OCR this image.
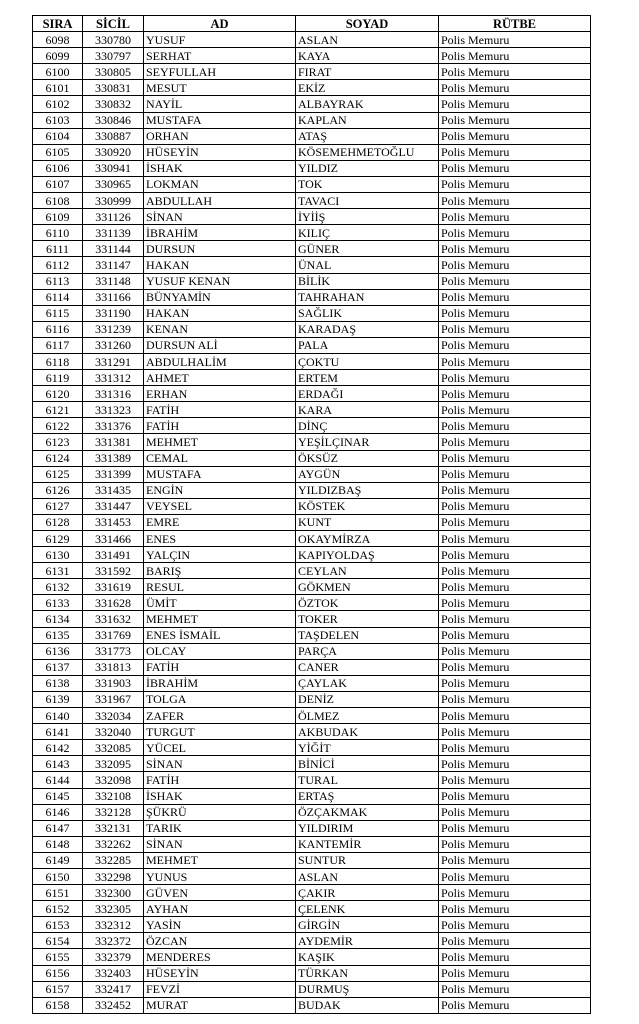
SIRA	SİCİL	AD	SOYAD	RÜTBE
6098	330780	YUSUF	ASLAN	Polis Memuru
6099	330797	SERHAT	KAYA	Polis Memuru
6100	330805	SEYFULLAH	FIRAT	Polis Memuru
6101	330831	MESUT	EKİZ	Polis Memuru
6102	330832	NAYİL	ALBAYRAK	Polis Memuru
6103	330846	MUSTAFA	KAPLAN	Polis Memuru
6104	330887	ORHAN	ATAŞ	Polis Memuru
6105	330920	HÜSEYİN	KÖSEMEHMETOĞLU	Polis Memuru
6106	330941	İSHAK	YILDIZ	Polis Memuru
6107	330965	LOKMAN	TOK	Polis Memuru
6108	330999	ABDULLAH	TAVACI	Polis Memuru
6109	331126	SİNAN	İYİİŞ	Polis Memuru
6110	331139	İBRAHİM	KILIÇ	Polis Memuru
6111	331144	DURSUN	GÜNER	Polis Memuru
6112	331147	HAKAN	ÜNAL	Polis Memuru
6113	331148	YUSUF KENAN	BİLİK	Polis Memuru
6114	331166	BÜNYAMİN	TAHRAHAN	Polis Memuru
6115	331190	HAKAN	SAĞLIK	Polis Memuru
6116	331239	KENAN	KARADAŞ	Polis Memuru
6117	331260	DURSUN ALİ	PALA	Polis Memuru
6118	331291	ABDULHALİM	ÇOKTU	Polis Memuru
6119	331312	AHMET	ERTEM	Polis Memuru
6120	331316	ERHAN	ERDAĞI	Polis Memuru
6121	331323	FATİH	KARA	Polis Memuru
6122	331376	FATİH	DİNÇ	Polis Memuru
6123	331381	MEHMET	YEŞİLÇINAR	Polis Memuru
6124	331389	CEMAL	ÖKSÜZ	Polis Memuru
6125	331399	MUSTAFA	AYGÜN	Polis Memuru
6126	331435	ENGİN	YILDIZBAŞ	Polis Memuru
6127	331447	VEYSEL	KÖSTEK	Polis Memuru
6128	331453	EMRE	KUNT	Polis Memuru
6129	331466	ENES	OKAYMİRZA	Polis Memuru
6130	331491	YALÇIN	KAPIYOLDAŞ	Polis Memuru
6131	331592	BARIŞ	CEYLAN	Polis Memuru
6132	331619	RESUL	GÖKMEN	Polis Memuru
6133	331628	ÜMİT	ÖZTOK	Polis Memuru
6134	331632	MEHMET	TOKER	Polis Memuru
6135	331769	ENES İSMAİL	TAŞDELEN	Polis Memuru
6136	331773	OLCAY	PARÇA	Polis Memuru
6137	331813	FATİH	CANER	Polis Memuru
6138	331903	İBRAHİM	ÇAYLAK	Polis Memuru
6139	331967	TOLGA	DENİZ	Polis Memuru
6140	332034	ZAFER	ÖLMEZ	Polis Memuru
6141	332040	TURGUT	AKBUDAK	Polis Memuru
6142	332085	YÜCEL	YİĞİT	Polis Memuru
6143	332095	SİNAN	BİNİCİ	Polis Memuru
6144	332098	FATİH	TURAL	Polis Memuru
6145	332108	İSHAK	ERTAŞ	Polis Memuru
6146	332128	ŞÜKRÜ	ÖZÇAKMAK	Polis Memuru
6147	332131	TARIK	YILDIRIM	Polis Memuru
6148	332262	SİNAN	KANTEMİR	Polis Memuru
6149	332285	MEHMET	SUNTUR	Polis Memuru
6150	332298	YUNUS	ASLAN	Polis Memuru
6151	332300	GÜVEN	ÇAKIR	Polis Memuru
6152	332305	AYHAN	ÇELENK	Polis Memuru
6153	332312	YASİN	GİRGİN	Polis Memuru
6154	332372	ÖZCAN	AYDEMİR	Polis Memuru
6155	332379	MENDERES	KAŞIK	Polis Memuru
6156	332403	HÜSEYİN	TÜRKAN	Polis Memuru
6157	332417	FEVZİ	DURMUŞ	Polis Memuru
6158	332452	MURAT	BUDAK	Polis Memuru
